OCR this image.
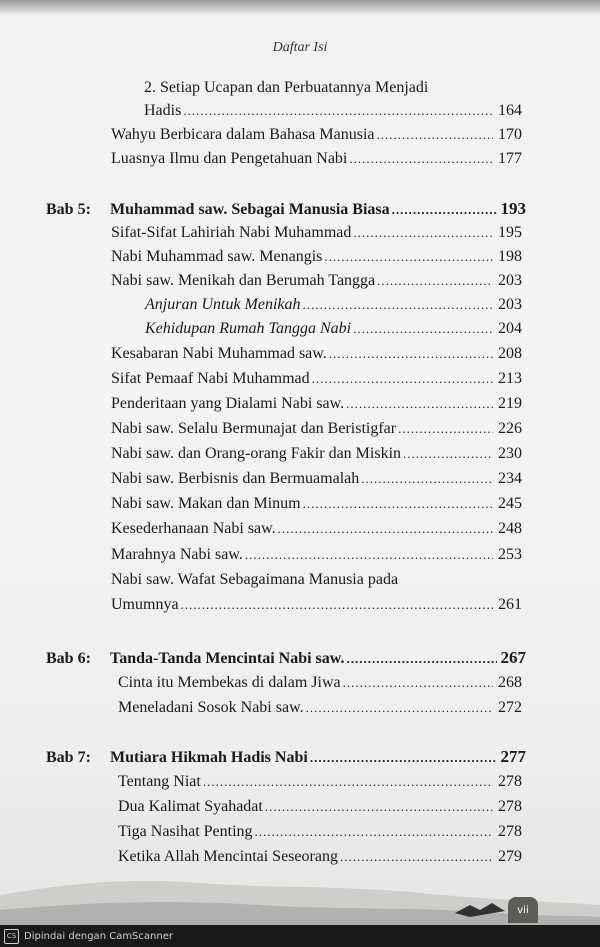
Daftar Isi
2. Setiap Ucapan dan Perbuatannya Menjadi
Hadis .....	164
Wahyu Berbicara dalam Bahasa Manusia .....	170
Luasnya Ilmu dan Pengetahuan Nabi .....	177
Bab 5:	Muhammad saw. Sebagai Manusia Biasa .....	193
Sifat-Sifat Lahiriah Nabi Muhammad .....	195
Nabi Muhammad saw. Menangis .....	198
Nabi saw. Menikah dan Berumah Tangga .....	203
Anjuran Untuk Menikah .....	203
Kehidupan Rumah Tangga Nabi .....	204
Kesabaran Nabi Muhammad saw. .....	208
Sifat Pemaaf Nabi Muhammad .....	213
Penderitaan yang Dialami Nabi saw. .....	219
Nabi saw. Selalu Bermunajat dan Beristigfar .....	226
Nabi saw. dan Orang-orang Fakir dan Miskin .....	230
Nabi saw. Berbisnis dan Bermuamalah .....	234
Nabi saw. Makan dan Minum .....	245
Kesederhanaan Nabi saw. .....	248
Marahnya Nabi saw. .....	253
Nabi saw. Wafat Sebagaimana Manusia pada
Umumnya .....	261
Bab 6:	Tanda-Tanda Mencintai Nabi saw. .....	267
Cinta itu Membekas di dalam Jiwa .....	268
Meneladani Sosok Nabi saw. .....	272
Bab 7:	Mutiara Hikmah Hadis Nabi .....	277
Tentang Niat .....	278
Dua Kalimat Syahadat .....	278
Tiga Nasihat Penting .....	278
Ketika Allah Mencintai Seseorang .....	279
vii
CS Dipindai dengan CamScanner
